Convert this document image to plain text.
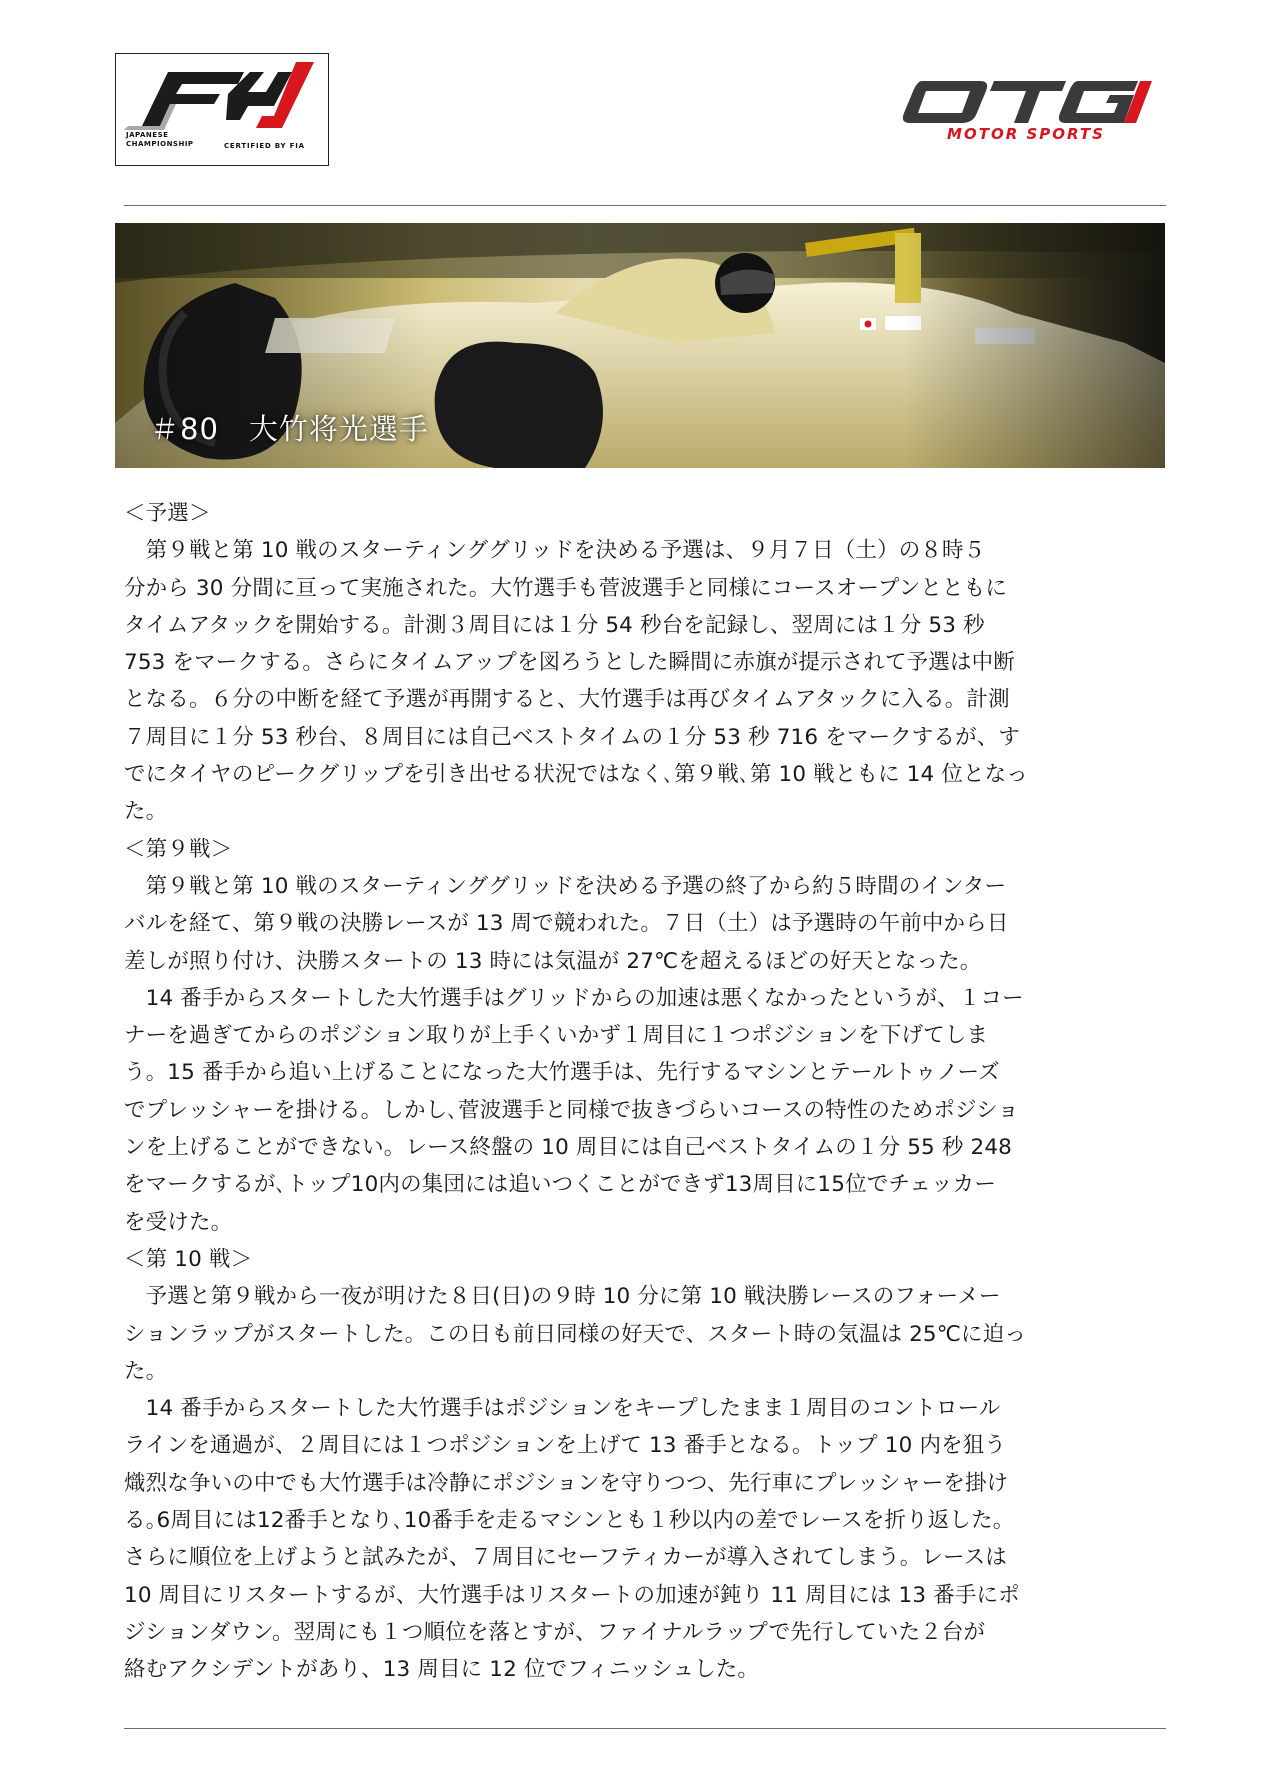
JAPANESE
CHAMPIONSHIP	CERTIFIED BY FIA
MOTOR SPORTS
＃80　大竹将光選手
＜予選＞
　第９戦と第 10 戦のスターティンググリッドを決める予選は、９月７日（土）の８時５
分から 30 分間に亘って実施された。大竹選手も菅波選手と同様にコースオープンとともに
タイムアタックを開始する。計測３周目には１分 54 秒台を記録し、翌周には１分 53 秒
753 をマークする。さらにタイムアップを図ろうとした瞬間に赤旗が提示されて予選は中断
となる。６分の中断を経て予選が再開すると、大竹選手は再びタイムアタックに入る。計測
７周目に１分 53 秒台、８周目には自己ベストタイムの１分 53 秒 716 をマークするが、す
でにタイヤのピークグリップを引き出せる状況ではなく､第９戦､第 10 戦ともに 14 位となっ
た。
＜第９戦＞
　第９戦と第 10 戦のスターティンググリッドを決める予選の終了から約５時間のインター
バルを経て、第９戦の決勝レースが 13 周で競われた。７日（土）は予選時の午前中から日
差しが照り付け、決勝スタートの 13 時には気温が 27℃を超えるほどの好天となった。
　14 番手からスタートした大竹選手はグリッドからの加速は悪くなかったというが、１コー
ナーを過ぎてからのポジション取りが上手くいかず１周目に１つポジションを下げてしま
う。15 番手から追い上げることになった大竹選手は、先行するマシンとテールトゥノーズ
でプレッシャーを掛ける。しかし､菅波選手と同様で抜きづらいコースの特性のためポジショ
ンを上げることができない。レース終盤の 10 周目には自己ベストタイムの１分 55 秒 248
をマークするが､トップ10内の集団には追いつくことができず13周目に15位でチェッカー
を受けた。
＜第 10 戦＞
　予選と第９戦から一夜が明けた８日(日)の９時 10 分に第 10 戦決勝レースのフォーメー
ションラップがスタートした。この日も前日同様の好天で、スタート時の気温は 25℃に迫っ
た。
　14 番手からスタートした大竹選手はポジションをキープしたまま１周目のコントロール
ラインを通過が、２周目には１つポジションを上げて 13 番手となる。トップ 10 内を狙う
熾烈な争いの中でも大竹選手は冷静にポジションを守りつつ、先行車にプレッシャーを掛け
る｡6周目には12番手となり､10番手を走るマシンとも１秒以内の差でレースを折り返した｡
さらに順位を上げようと試みたが、７周目にセーフティカーが導入されてしまう。レースは
10 周目にリスタートするが、大竹選手はリスタートの加速が鈍り 11 周目には 13 番手にポ
ジションダウン。翌周にも１つ順位を落とすが、ファイナルラップで先行していた２台が
絡むアクシデントがあり、13 周目に 12 位でフィニッシュした。
